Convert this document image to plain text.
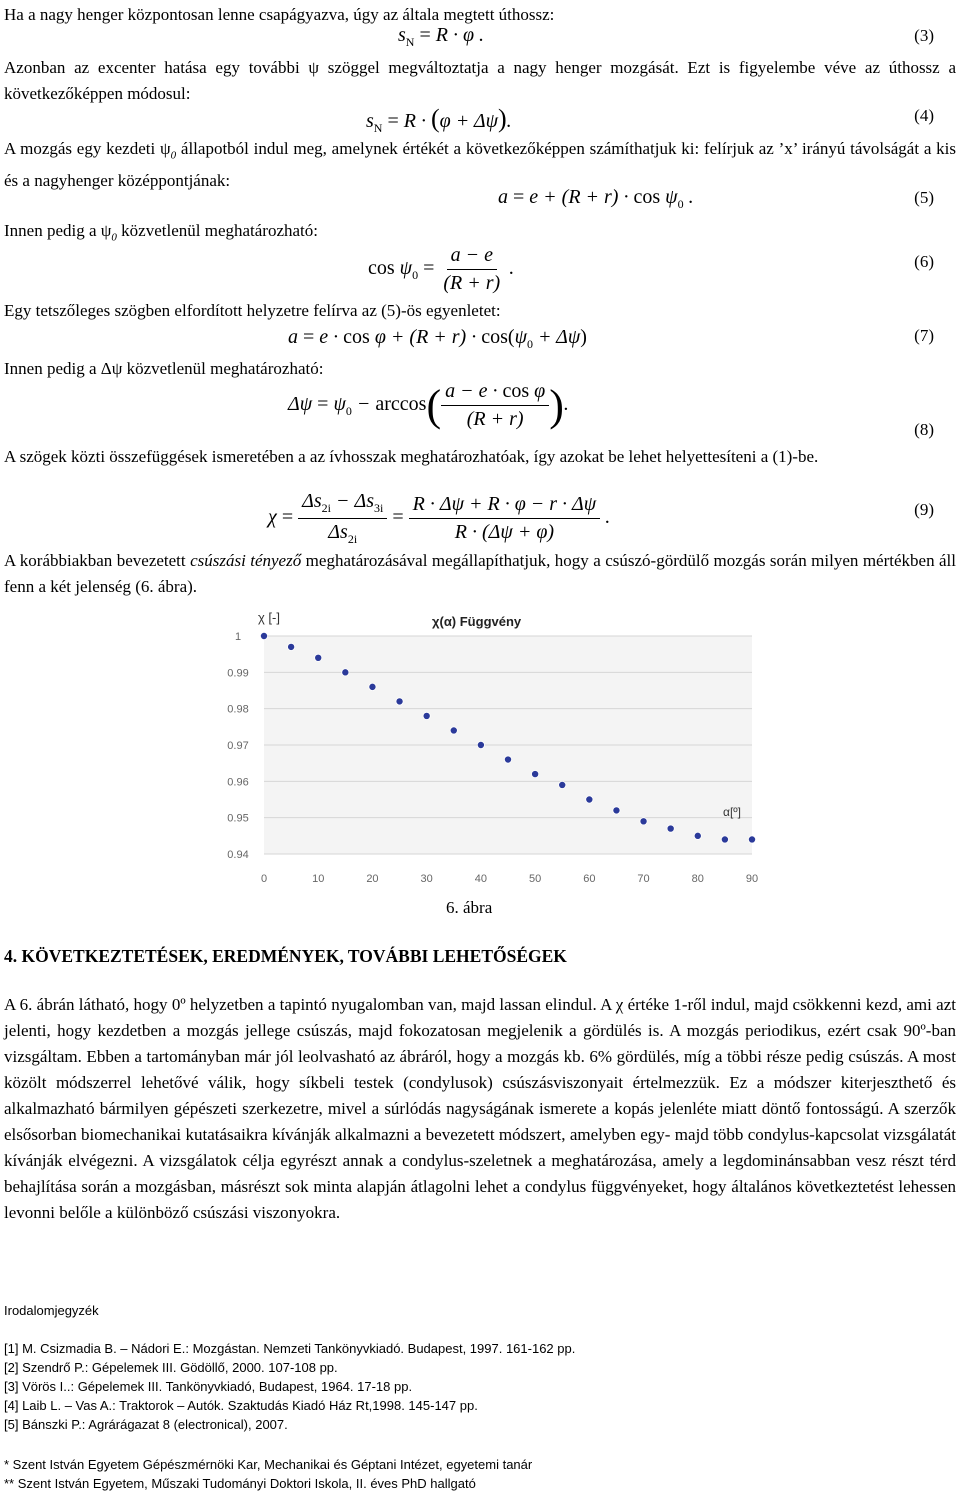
Ha a nagy henger központosan lenne csapágyazva, úgy az általa megtett úthossz:

$s_N = R \cdot \varphi$ .	(3)

Azonban az excenter hatása egy további ψ szöggel megváltoztatja a nagy henger mozgását. Ezt is figyelembe véve az úthossz a következőképpen módosul:

$s_N = R \cdot (\varphi + \Delta\psi)$.	(4)

A mozgás egy kezdeti $\psi_0$ állapotból indul meg, amelynek értékét a következőképpen számíthatjuk ki: felírjuk az ’x’ irányú távolságát a kis és a nagyhenger középpontjának:

$a = e + (R + r) \cdot \cos \psi_0$ .	(5)

Innen pedig a $\psi_0$ közvetlenül meghatározható:

$\cos \psi_0 = \frac{a - e}{(R + r)}$ .	(6)

Egy tetszőleges szögben elfordított helyzetre felírva az (5)-ös egyenletet:

$a = e \cdot \cos \varphi + (R + r) \cdot \cos(\psi_0 + \Delta\psi)$	(7)

Innen pedig a Δψ közvetlenül meghatározható:

$\Delta\psi = \psi_0 - \arccos( \frac{\text{a − e · cos φ}}{(R + r)}$ ).
(8)

A szögek közti összefüggések ismeretében a az ívhosszak meghatározhatóak, így azokat be lehet helyettesíteni a (1)-be.

$\chi = \frac{\Delta s_{2i} - \Delta s_{3i}}{\Delta s_{2i}} = \frac{R \cdot \Delta\psi + R \cdot \varphi - r \cdot \Delta\psi}{R \cdot (\Delta\psi + \varphi)}$ .	(9)

A korábbiakban bevezetett csúszási tényező meghatározásával megállapíthatjuk, hogy a csúszó-gördülő mozgás során milyen mértékben áll fenn a két jelenség (6. ábra).

0.94
0.95
0.96
0.97
0.98
0.99
1
0	10	20	30	40	50	60	70	80	90
χ [-]
α[º]
χ(α) Függvény
6. ábra
4. KÖVETKEZTETÉSEK, EREDMÉNYEK, TOVÁBBI LEHETŐSÉGEK

A 6. ábrán látható, hogy 0º helyzetben a tapintó nyugalomban van, majd lassan elindul. A χ értéke 1-ről indul, majd csökkenni kezd, ami azt jelenti, hogy kezdetben a mozgás jellege csúszás, majd fokozatosan megjelenik a gördülés is. A mozgás periodikus, ezért csak 90º-ban vizsgáltam. Ebben a tartományban már jól leolvasható az ábráról, hogy a mozgás kb. 6% gördülés, míg a többi része pedig csúszás. A most közölt módszerrel lehetővé válik, hogy síkbeli testek (condylusok) csúszásviszonyait értelmezzük. Ez a módszer kiterjeszthető és alkalmazható bármilyen gépészeti szerkezetre, mivel a súrlódás nagyságának ismerete a kopás jelenléte miatt döntő fontosságú. A szerzők elsősorban biomechanikai kutatásaikra kívánják alkalmazni a bevezetett módszert, amelyben egy- majd több condylus-kapcsolat vizsgálatát kívánják elvégezni. A vizsgálatok célja egyrészt annak a condylus-szeletnek a meghatározása, amely a legdominánsabban vesz részt térd behajlítása során a mozgásban, másrészt sok minta alapján átlagolni lehet a condylus függvényeket, hogy általános következtetést lehessen levonni belőle a különböző csúszási viszonyokra.

Irodalomjegyzék
[1] M. Csizmadia B. – Nádori E.: Mozgástan. Nemzeti Tankönyvkiadó. Budapest, 1997. 161-162 pp.
[2] Szendrő P.: Gépelemek III. Gödöllő, 2000. 107-108 pp.
[3] Vörös I..: Gépelemek III. Tankönyvkiadó, Budapest, 1964. 17-18 pp.
[4] Laib L. – Vas A.: Traktorok – Autók. Szaktudás Kiadó Ház Rt,1998. 145-147 pp.
[5] Bánszki P.: Agrárágazat 8 (electronical), 2007.
* Szent István Egyetem Gépészmérnöki Kar, Mechanikai és Géptani Intézet, egyetemi tanár
** Szent István Egyetem, Műszaki Tudományi Doktori Iskola, II. éves PhD hallgató
